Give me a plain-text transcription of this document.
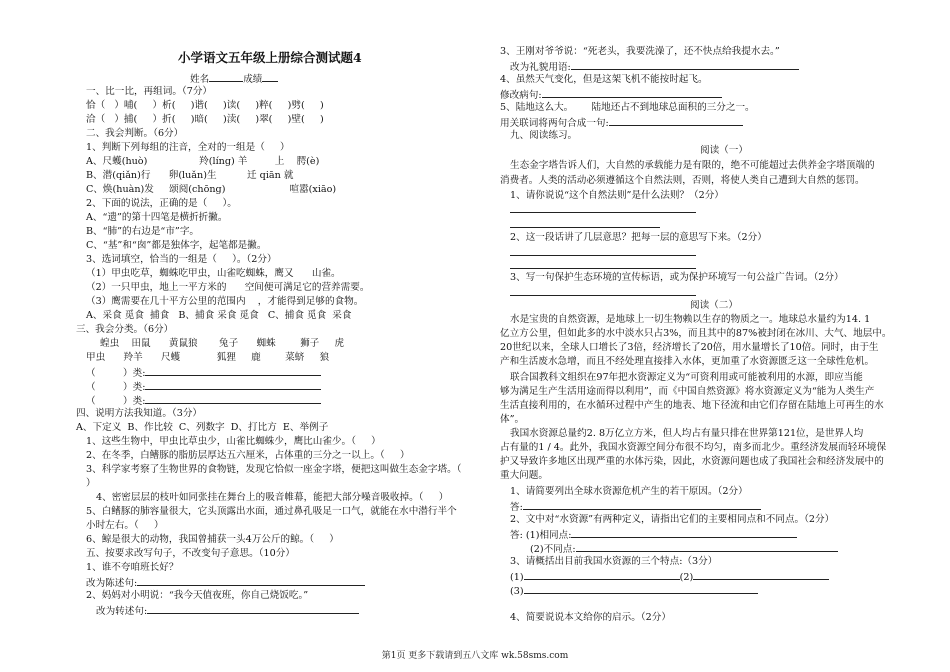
小学语文五年级上册综合测试题4
姓名	成绩
一、比一比，再组词。（7分）
恰（   ）哺(     ）析(     )谐(     )读(     )粹(     )劈(     )
洽（   ）捕(     ）折(     )暗(     )渎(     )翠(     )壁(     )
二、我会判断。（6分）
1、判断下列每组的注音，全对的一组是（     ）
A、尺蠖(huò)                 羚(líng) 羊         上    腭(è)
B、潜(qiǎn)行      卵(luǎn)生          迁 qiān 就
C、焕(huàn)发     颂阅(chōng)                     喧嚣(xiāo)
2、下面的说法，正确的是（     ）。
A、“遗”的第十四笔是横折折撇。
B、“肺”的右边是“市”字。
C、“基”和“囱”都是独体字，起笔都是撇。
3、选词填空，恰当的一组是（     ）。（2分）
（1）甲虫吃草，蜘蛛吃甲虫，山雀吃蜘蛛，鹰又      山雀。
（2）一只甲虫，地上一平方米的      空间便可满足它的营养需要。
（3）鹰需要在几十平方公里的范围内    ，才能得到足够的食物。
A、采食 觅食  捕食   B、捕食 采食 觅食   C、捕食 觅食  采食
三、我会分类。（6分）
蝗虫    田鼠      黄鼠狼       兔子      蜘蛛        狮子     虎
甲虫      羚羊      尺蠖            狐狸     鹿        菜蛴     狼
（         ）类:
（         ）类:
（         ）类:
四、说明方法我知道。（3分）
A、下定义  B、作比较  C、列数字  D、打比方  E、举例子
1、这些生物中，甲虫比草虫少，山雀比蜘蛛少，鹰比山雀少。（     ）
2、在冬季，白鳍豚的脂肪层厚达五六厘米，占体重的三分之一以上。（     ）
3、科学家考察了生物世界的食物链，发现它恰似一座金字塔，便把这叫做生态金字塔。（
）
4、密密层层的枝叶如同张挂在舞台上的吸音帷幕，能把大部分噪音吸收掉。（     ）
5、白鳍豚的肺容量很大，它头顶露出水面，通过鼻孔吸足一口气，就能在水中潜行半个
小时左右。（     ）
6、鲸是很大的动物，我国曾捕获一头4万公斤的鲸。（     ）
五、按要求改写句子，不改变句子意思。（10分）
1、谁不夸咱班长好？
改为陈述句:
2、妈妈对小明说：“我今天值夜班，你自己烧饭吃。”
改为转述句:
3、王刚对爷爷说：“死老头，我要洗澡了，还不快点给我提水去。”
改为礼貌用语:
4、虽然天气变化，但是这架飞机不能按时起飞。
修改病句:
5、陆地这么大。      陆地还占不到地球总面积的三分之一。
用关联词将两句合成一句:
九、阅读练习。
阅读（一）
生态金字塔告诉人们，大自然的承载能力是有限的，绝不可能超过去供养金字塔顶端的
消费者。人类的活动必须遵循这个自然法则，否则，将使人类自己遭到大自然的惩罚。
1、请你说说“这个自然法则”是什么法则？（2分）
2、这一段话讲了几层意思？把每一层的意思写下来。（2分）
3、写一句保护生态环境的宣传标语，或为保护环境写一句公益广告词。（2分）
阅读（二）
水是宝贵的自然资源，是地球上一切生物赖以生存的物质之一。地球总水量约为14. 1
亿立方公里，但如此多的水中淡水只占3%，而且其中的87%被封闭在冰川、大气、地层中。
20世纪以来，全球人口增长了3倍，经济增长了20倍，用水量增长了10倍。同时，由于生
产和生活废水急增，而且不经处理直接排入水体，更加重了水资源匮乏这一全球性危机。
联合国教科文组织在97年把水资源定义为“可资利用或可能被利用的水源，即应当能
够为满足生产生活用途而得以利用”，而《中国自然资源》将水资源定义为“能为人类生产
生活直接利用的，在水循环过程中产生的地表、地下径流和由它们存留在陆地上可再生的水
体”。
我国水资源总量约2. 8万亿立方米，但人均占有量只排在世界第121位，是世界人均
占有量的1 / 4。此外，我国水资源空间分布很不均匀，南多而北少。重经济发展而轻环境保
护又导致许多地区出现严重的水体污染，因此，水资源问题也成了我国社会和经济发展中的
重大问题。
1、请简要列出全球水资源危机产生的若干原因。（2分）
答:
2、文中对“水资源”有两种定义，请指出它们的主要相同点和不同点。（2分）
答: (1)相同点:
(2)不同点:
3、请概括出目前我国水资源的三个特点:（3分）
(1)	(2)
(3)
4、简要说说本文给你的启示。（2分）
第1页 更多下载请到五八文库 wk.58sms.com
